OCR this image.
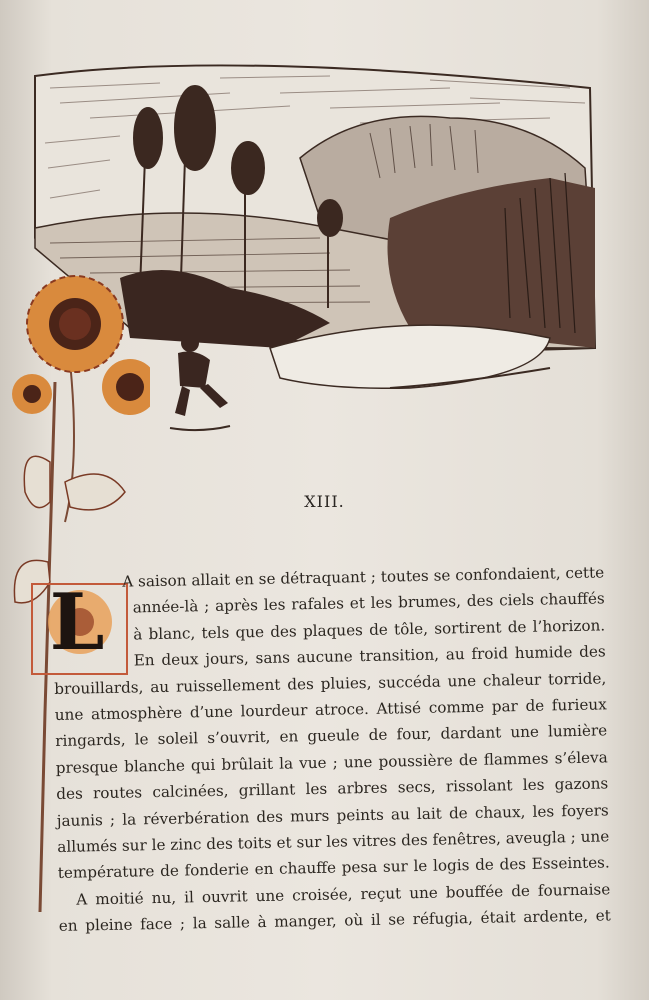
XIII.
L	A saison allait en se détraquant ; toutes se confondaient, cette
année-là ; après les rafales et les brumes, des ciels chauffés
à blanc, tels que des plaques de tôle, sortirent de l’horizon.
En deux jours, sans aucune transition, au froid humide des
brouillards, au ruissellement des pluies, succéda une chaleur torride,
une atmosphère d’une lourdeur atroce. Attisé comme par de furieux
ringards, le soleil s’ouvrit, en gueule de four, dardant une lumière
presque blanche qui brûlait la vue ; une poussière de flammes s’éleva
des routes calcinées, grillant les arbres secs, rissolant les gazons
jaunis ; la réverbération des murs peints au lait de chaux, les foyers
allumés sur le zinc des toits et sur les vitres des fenêtres, aveugla ; une
température de fonderie en chauffe pesa sur le logis de des Esseintes.
A moitié nu, il ouvrit une croisée, reçut une bouffée de fournaise
en pleine face ; la salle à manger, où il se réfugia, était ardente, et
